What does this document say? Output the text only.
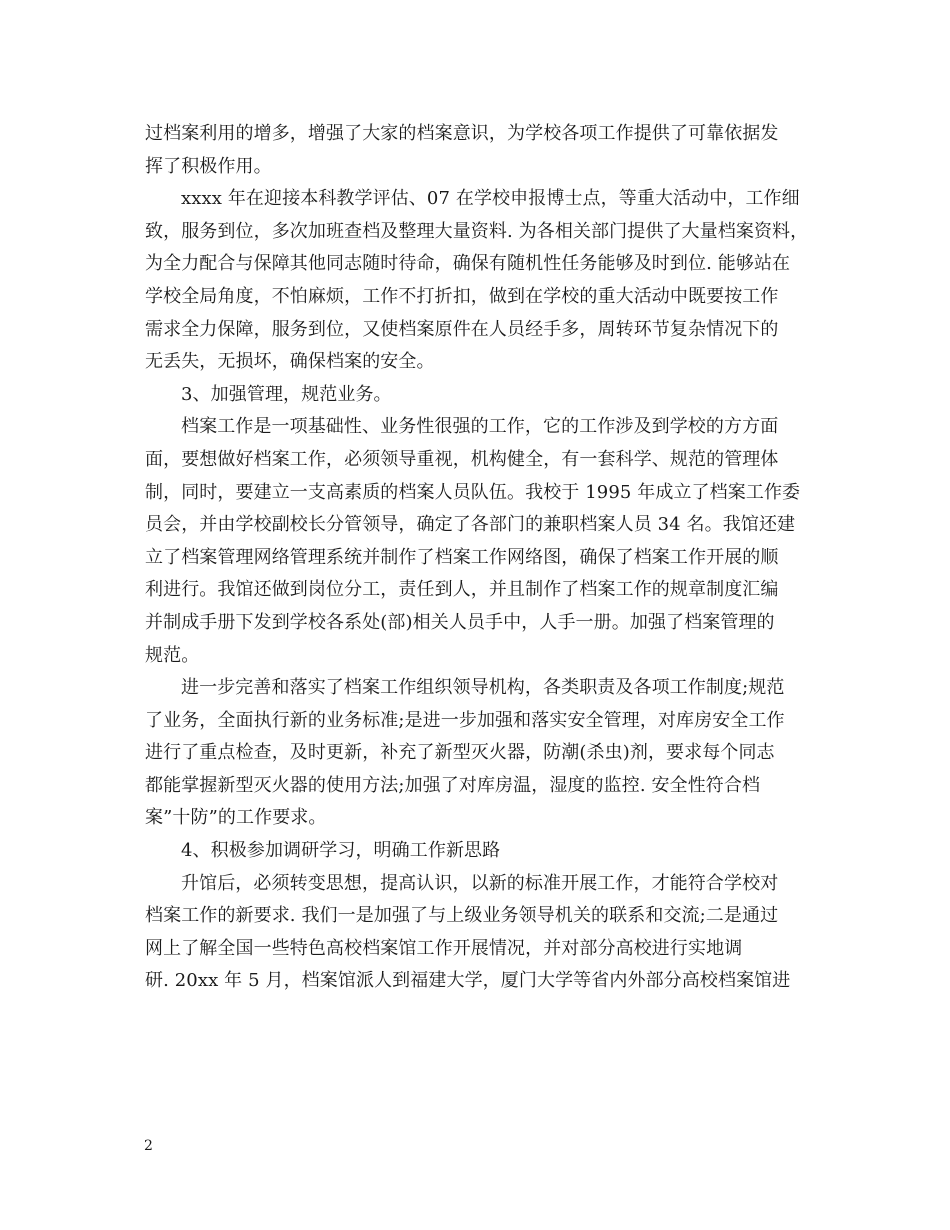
过档案利用的增多，增强了大家的档案意识，为学校各项工作提供了可靠依据发
挥了积极作用。
xxxx 年在迎接本科教学评估、07 在学校申报博士点，等重大活动中，工作细
致，服务到位，多次加班查档及整理大量资料. 为各相关部门提供了大量档案资料，
为全力配合与保障其他同志随时待命，确保有随机性任务能够及时到位. 能够站在
学校全局角度，不怕麻烦，工作不打折扣，做到在学校的重大活动中既要按工作
需求全力保障，服务到位，又使档案原件在人员经手多，周转环节复杂情况下的
无丢失，无损坏，确保档案的安全。
3、加强管理，规范业务。
档案工作是一项基础性、业务性很强的工作，它的工作涉及到学校的方方面
面，要想做好档案工作，必须领导重视，机构健全，有一套科学、规范的管理体
制，同时，要建立一支高素质的档案人员队伍。我校于 1995 年成立了档案工作委
员会，并由学校副校长分管领导，确定了各部门的兼职档案人员 34 名。我馆还建
立了档案管理网络管理系统并制作了档案工作网络图，确保了档案工作开展的顺
利进行。我馆还做到岗位分工，责任到人，并且制作了档案工作的规章制度汇编
并制成手册下发到学校各系处(部)相关人员手中，人手一册。加强了档案管理的
规范。
进一步完善和落实了档案工作组织领导机构，各类职责及各项工作制度;规范
了业务，全面执行新的业务标准;是进一步加强和落实安全管理，对库房安全工作
进行了重点检查，及时更新，补充了新型灭火器，防潮(杀虫)剂，要求每个同志
都能掌握新型灭火器的使用方法;加强了对库房温，湿度的监控. 安全性符合档
案”十防”的工作要求。
4、积极参加调研学习，明确工作新思路
升馆后，必须转变思想，提高认识，以新的标准开展工作，才能符合学校对
档案工作的新要求. 我们一是加强了与上级业务领导机关的联系和交流;二是通过
网上了解全国一些特色高校档案馆工作开展情况，并对部分高校进行实地调
研. 20xx 年 5 月，档案馆派人到福建大学，厦门大学等省内外部分高校档案馆进
2
